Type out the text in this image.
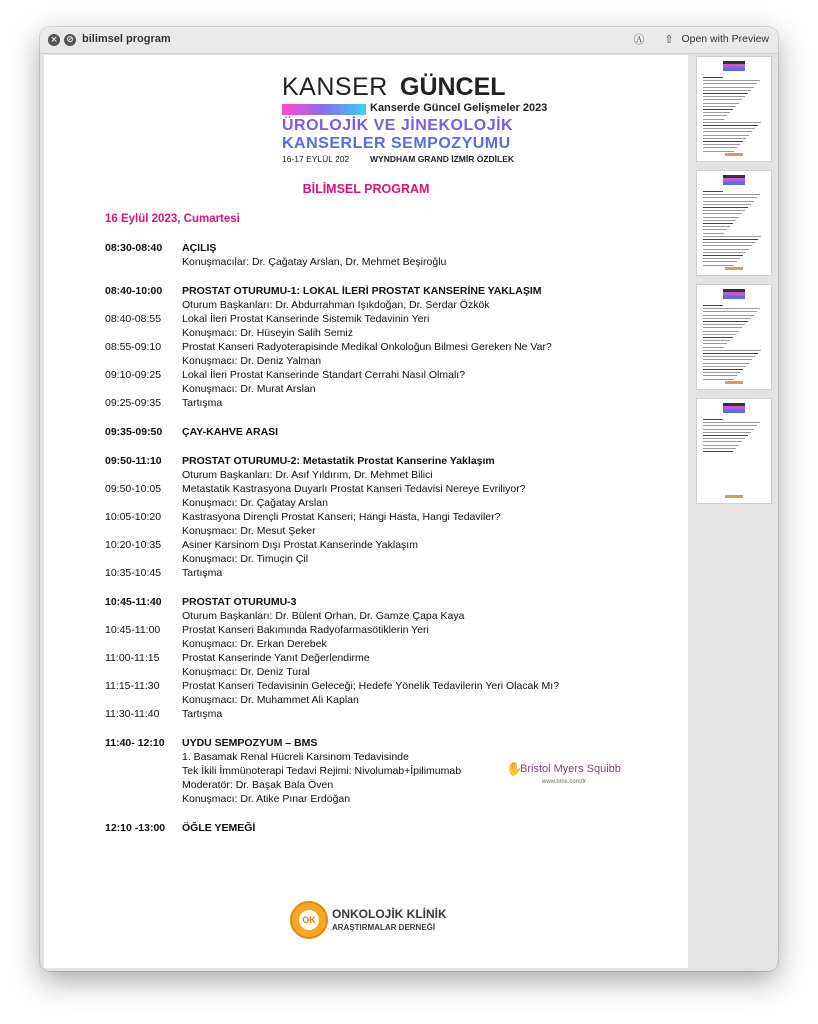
× ⊘ bilimsel program	Ⓐ ⇧ Open with Preview
KANSER GÜNCEL
Kanserde Güncel Gelişmeler 2023
ÜROLOJİK VE JİNEKOLOJİK
KANSERLER SEMPOZYUMU
16-17 EYLÜL 202 WYNDHAM GRAND İZMİR ÖZDİLEK
BİLİMSEL PROGRAM
16 Eylül 2023, Cumartesi
08:30-08:40 AÇILIŞ
Konuşmacılar: Dr. Çağatay Arslan, Dr. Mehmet Beşiroğlu
08:40-10:00 PROSTAT OTURUMU-1: LOKAL İLERİ PROSTAT KANSERİNE YAKLAŞIM
Oturum Başkanları: Dr. Abdurrahman Işıkdoğan, Dr. Serdar Özkök
08:40-08:55 Lokal İleri Prostat Kanserinde Sistemik Tedavinin Yeri
Konuşmacı: Dr. Hüseyin Salih Semiz
08:55-09:10 Prostat Kanseri Radyoterapisinde Medikal Onkoloğun Bilmesi Gereken Ne Var?
Konuşmacı: Dr. Deniz Yalman
09:10-09:25 Lokal İleri Prostat Kanserinde Standart Cerrahi Nasıl Olmalı?
Konuşmacı: Dr. Murat Arslan
09:25-09:35 Tartışma
09:35-09:50 ÇAY-KAHVE ARASI
09:50-11:10 PROSTAT OTURUMU-2: Metastatik Prostat Kanserine Yaklaşım
Oturum Başkanları: Dr. Asıf Yıldırım, Dr. Mehmet Bilici
09:50-10:05 Metastatik Kastrasyona Duyarlı Prostat Kanseri Tedavisi Nereye Evriliyor?
Konuşmacı: Dr. Çağatay Arslan
10:05-10:20 Kastrasyona Dirençli Prostat Kanseri; Hangi Hasta, Hangi Tedaviler?
Konuşmacı: Dr. Mesut Şeker
10:20-10:35 Asiner Karsinom Dışı Prostat Kanserinde Yaklaşım
Konuşmacı: Dr. Timuçin Çil
10:35-10:45 Tartışma
10:45-11:40 PROSTAT OTURUMU-3
Oturum Başkanları: Dr. Bülent Orhan, Dr. Gamze Çapa Kaya
10:45-11:00 Prostat Kanseri Bakımında Radyofarmasötiklerin Yeri
Konuşmacı: Dr. Erkan Derebek
11:00-11:15 Prostat Kanserinde Yanıt Değerlendirme
Konuşmacı: Dr. Deniz Tural
11:15-11:30 Prostat Kanseri Tedavisinin Geleceği; Hedefe Yönelik Tedavilerin Yeri Olacak Mı?
Konuşmacı: Dr. Muhammet Ali Kaplan
11:30-11:40 Tartışma
11:40- 12:10 UYDU SEMPOZYUM – BMS
1. Basamak Renal Hücreli Karsinom Tedavisinde
Tek İkili İmmünoterapi Tedavi Rejimi: Nivolumab+İpilimumab
Moderatör: Dr. Başak Bala Öven
Konuşmacı: Dr. Atike Pınar Erdoğan
12:10 -13:00 ÖĞLE YEMEĞİ
✋
Bristol Myers Squibb
www.bms.com/tr
OK ONKOLOJİK KLİNİK
ARAŞTIRMALAR DERNEĞİ
